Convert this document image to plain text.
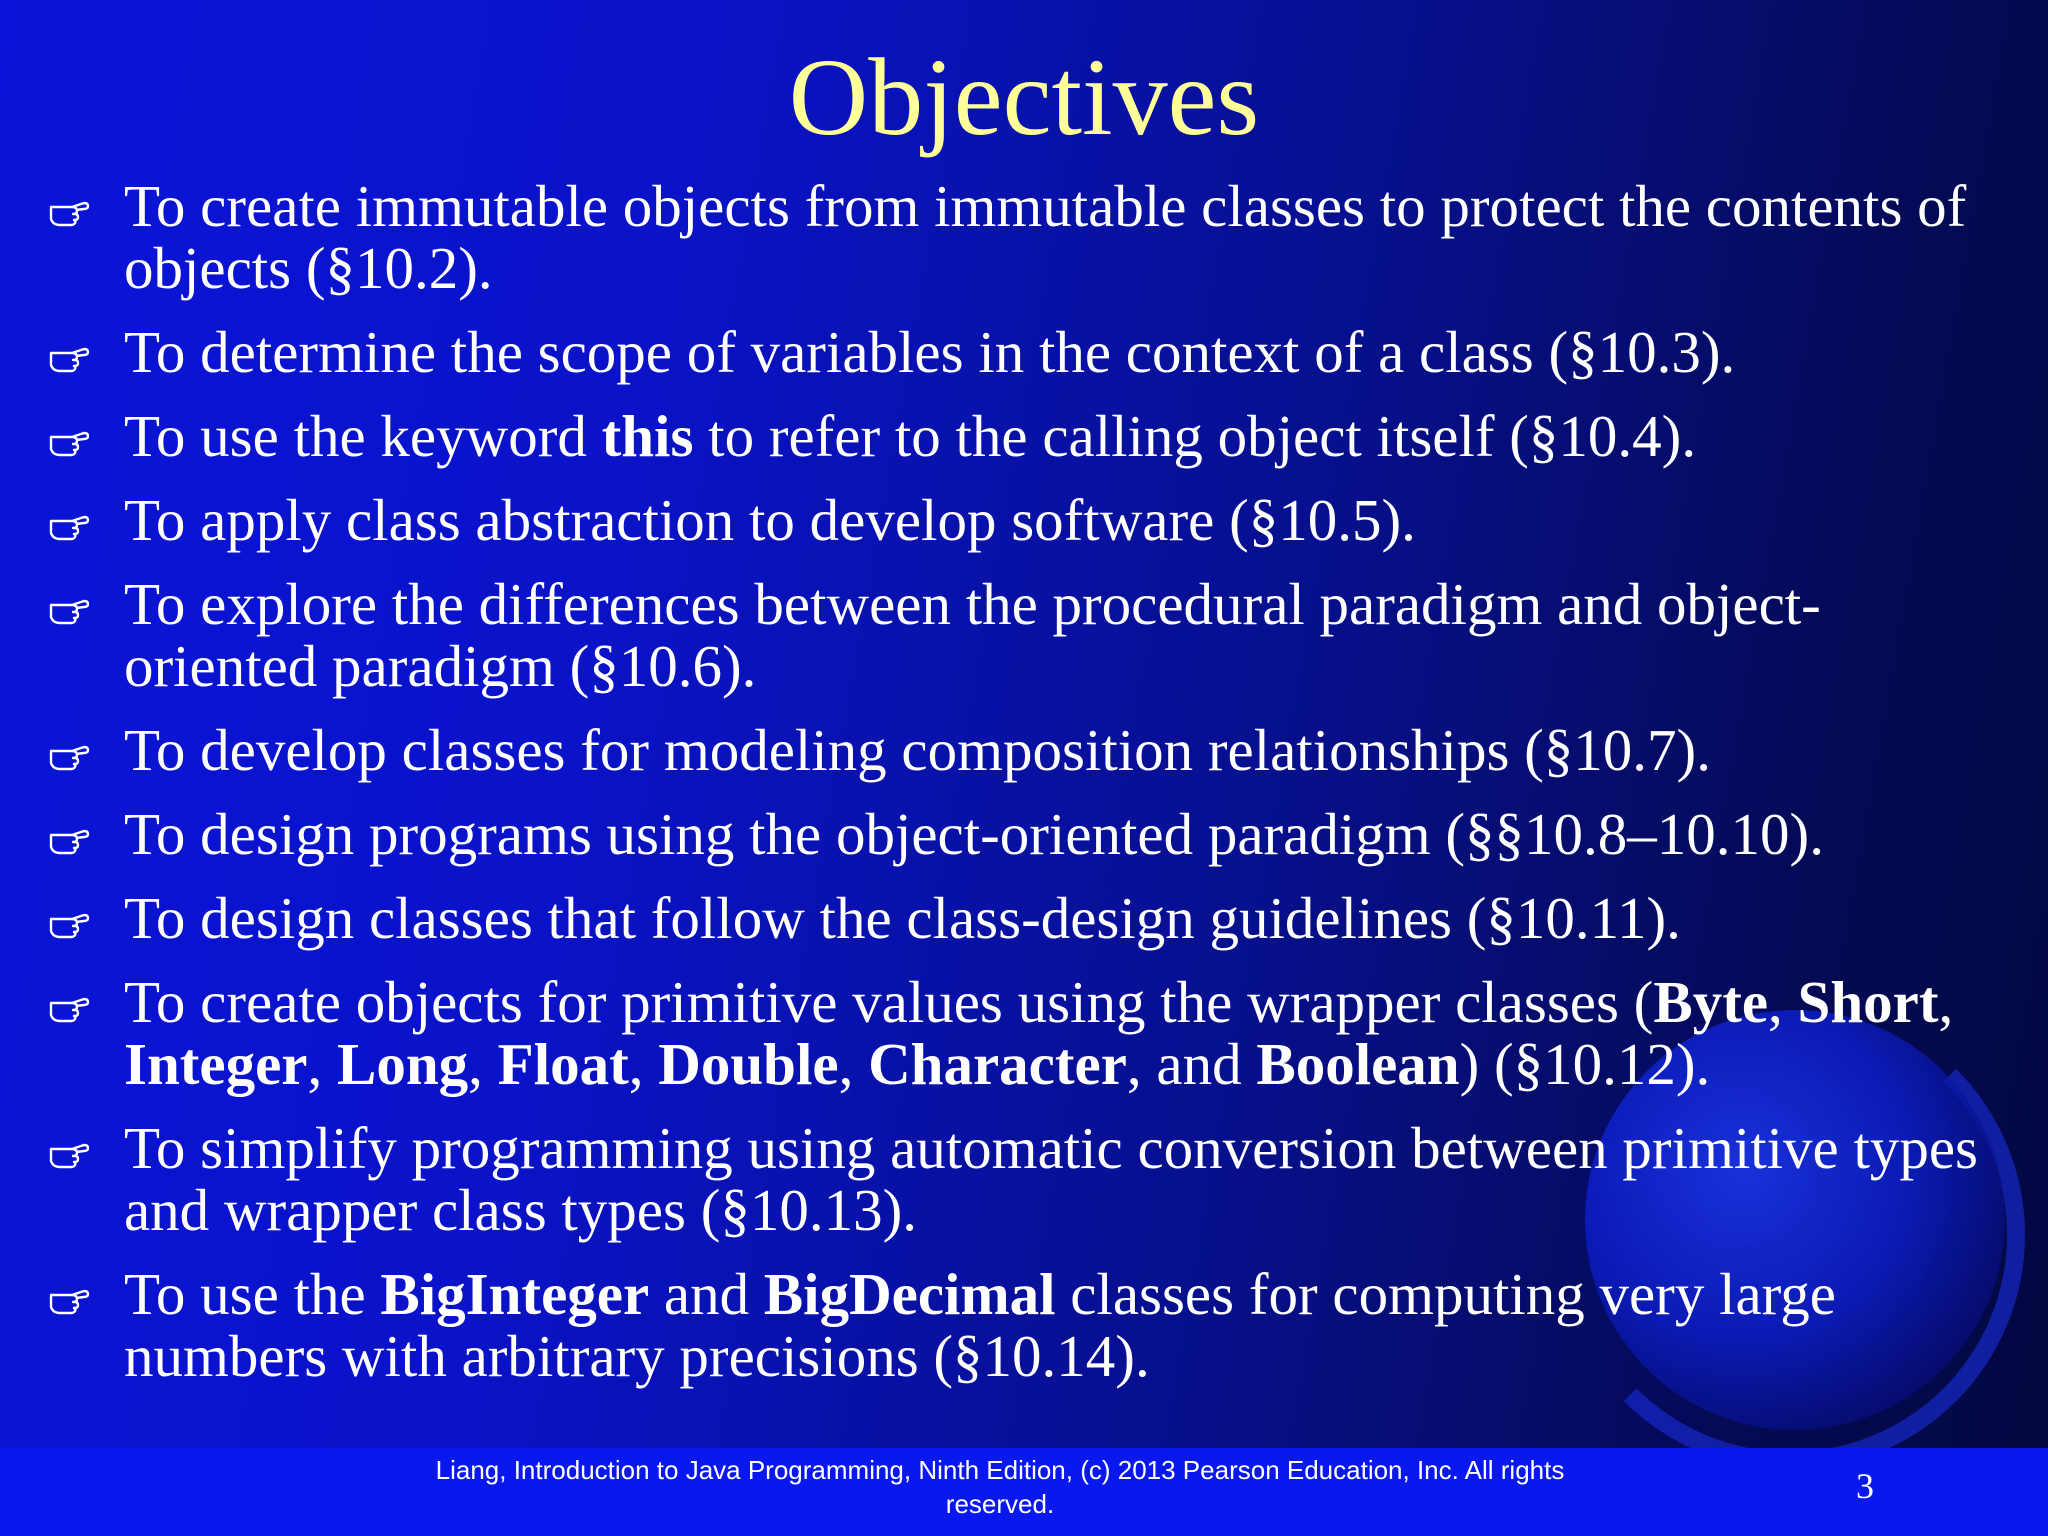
Objectives
To create immutable objects from immutable classes to protect the contents of objects (§10.2).
To determine the scope of variables in the context of a class (§10.3).
To use the keyword this to refer to the calling object itself (§10.4).
To apply class abstraction to develop software (§10.5).
To explore the differences between the procedural paradigm and object-oriented paradigm (§10.6).
To develop classes for modeling composition relationships (§10.7).
To design programs using the object-oriented paradigm (§§10.8–10.10).
To design classes that follow the class-design guidelines (§10.11).
To create objects for primitive values using the wrapper classes (Byte, Short, Integer, Long, Float, Double, Character, and Boolean) (§10.12).
To simplify programming using automatic conversion between primitive types and wrapper class types (§10.13).
To use the BigInteger and BigDecimal classes for computing very large numbers with arbitrary precisions (§10.14).
Liang, Introduction to Java Programming, Ninth Edition, (c) 2013 Pearson Education, Inc. All rights reserved.	3
